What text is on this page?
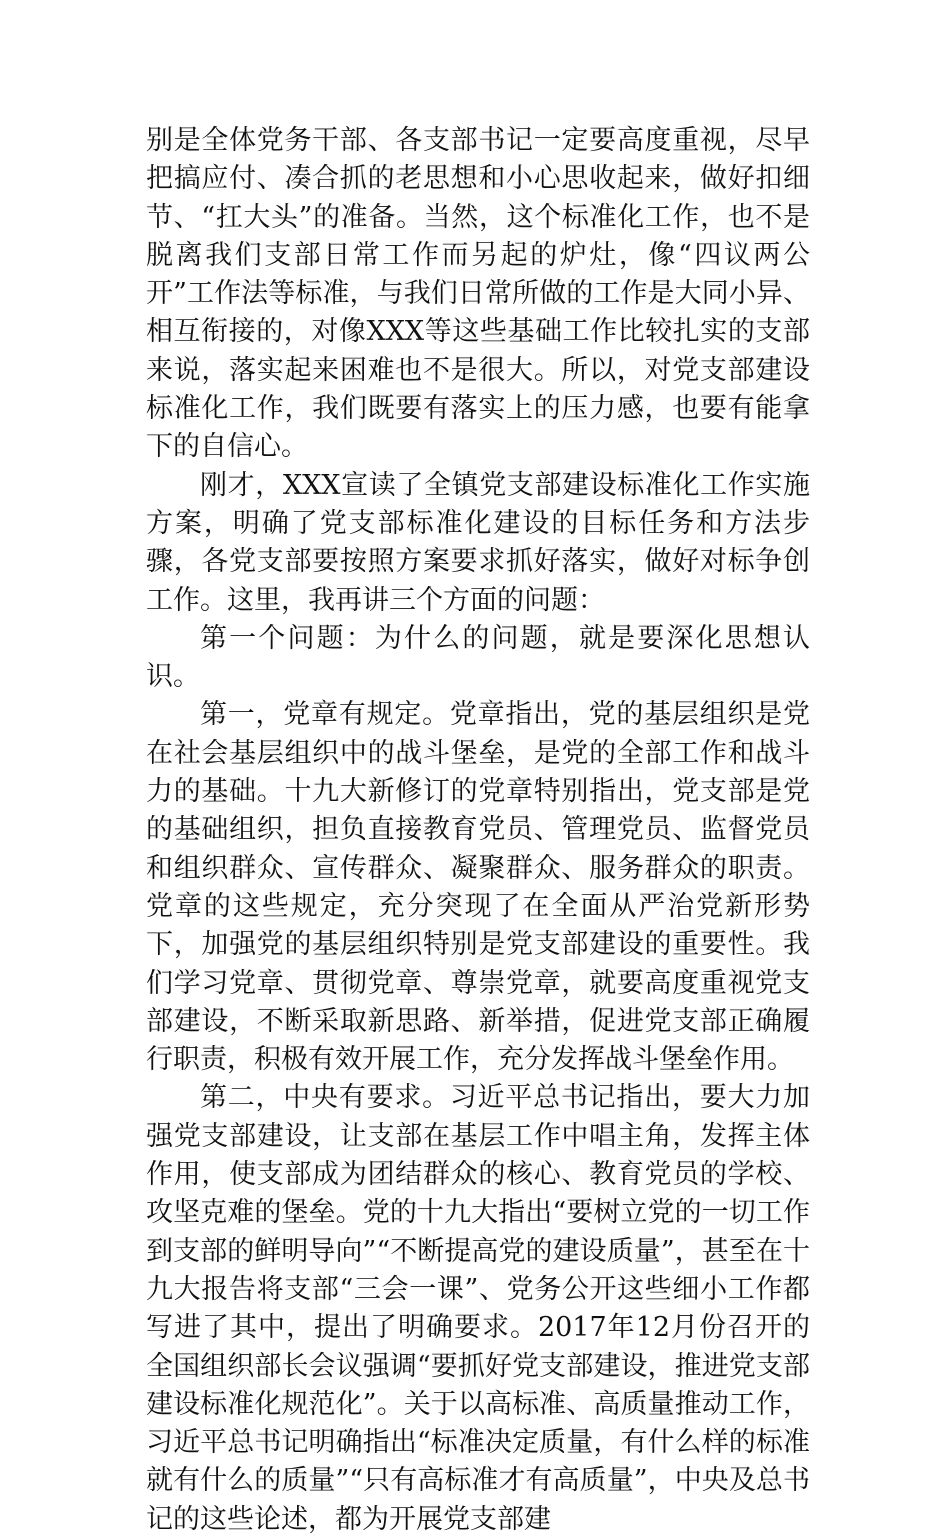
别是全体党务干部、各支部书记一定要高度重视，尽早把搞应付、凑合抓的老思想和小心思收起来，做好扣细节、“扛大头”的准备。当然，这个标准化工作，也不是脱离我们支部日常工作而另起的炉灶，像“四议两公开”工作法等标准，与我们日常所做的工作是大同小异、相互衔接的，对像XXX等这些基础工作比较扎实的支部来说，落实起来困难也不是很大。所以，对党支部建设标准化工作，我们既要有落实上的压力感，也要有能拿下的自信心。

刚才，XXX宣读了全镇党支部建设标准化工作实施方案，明确了党支部标准化建设的目标任务和方法步骤，各党支部要按照方案要求抓好落实，做好对标争创工作。这里，我再讲三个方面的问题：

第一个问题：为什么的问题，就是要深化思想认识。

第一，党章有规定。党章指出，党的基层组织是党在社会基层组织中的战斗堡垒，是党的全部工作和战斗力的基础。十九大新修订的党章特别指出，党支部是党的基础组织，担负直接教育党员、管理党员、监督党员和组织群众、宣传群众、凝聚群众、服务群众的职责。党章的这些规定，充分突现了在全面从严治党新形势下，加强党的基层组织特别是党支部建设的重要性。我们学习党章、贯彻党章、尊崇党章，就要高度重视党支部建设，不断采取新思路、新举措，促进党支部正确履行职责，积极有效开展工作，充分发挥战斗堡垒作用。

第二，中央有要求。习近平总书记指出，要大力加强党支部建设，让支部在基层工作中唱主角，发挥主体作用，使支部成为团结群众的核心、教育党员的学校、攻坚克难的堡垒。党的十九大指出“要树立党的一切工作到支部的鲜明导向”“不断提高党的建设质量”，甚至在十九大报告将支部“三会一课”、党务公开这些细小工作都写进了其中，提出了明确要求。2017年12月份召开的全国组织部长会议强调“要抓好党支部建设，推进党支部建设标准化规范化”。关于以高标准、高质量推动工作，习近平总书记明确指出“标准决定质量，有什么样的标准就有什么的质量”“只有高标准才有高质量”，中央及总书记的这些论述，都为开展党支部建
